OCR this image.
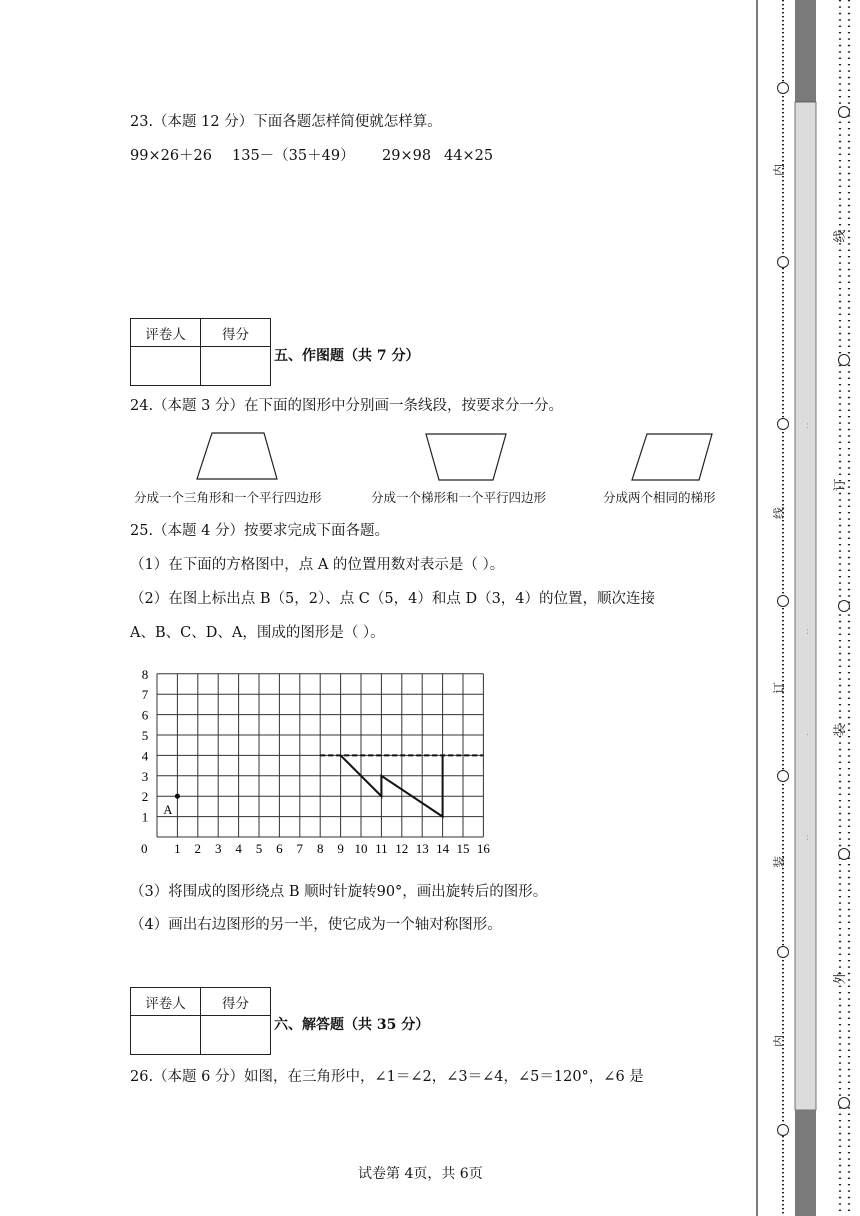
23.（本题 12 分）下面各题怎样简便就怎样算。
99×26＋26 135－（35＋49） 29×98 44×25
评卷人	得分

五、作图题（共 7 分）
24.（本题 3 分）在下面的图形中分别画一条线段，按要求分一分。
分成一个三角形和一个平行四边形	分成一个梯形和一个平行四边形	分成两个相同的梯形
25.（本题 4 分）按要求完成下面各题。
（1）在下面的方格图中，点 A 的位置用数对表示是（ ）。
（2）在图上标出点 B（5，2）、点 C（5，4）和点 D（3，4）的位置，顺次连接
A、B、C、D、A，围成的图形是（ ）。
0 1 2 3 4 5 6 7 8 9 10 11 12 13 14 15 16
1
2
3
4
5
6
7
8
A
（3）将围成的图形绕点 B 顺时针旋转90°，画出旋转后的图形。
（4）画出右边图形的另一半，使它成为一个轴对称图形。
评卷人	得分

六、解答题（共 35 分）
26.（本题 6 分）如图，在三角形中，∠1＝∠2，∠3＝∠4，∠5＝120°，∠6 是
试卷第 4页，共 6页
:
:
.
:
内
线
订
装
内
线
订
装
外
